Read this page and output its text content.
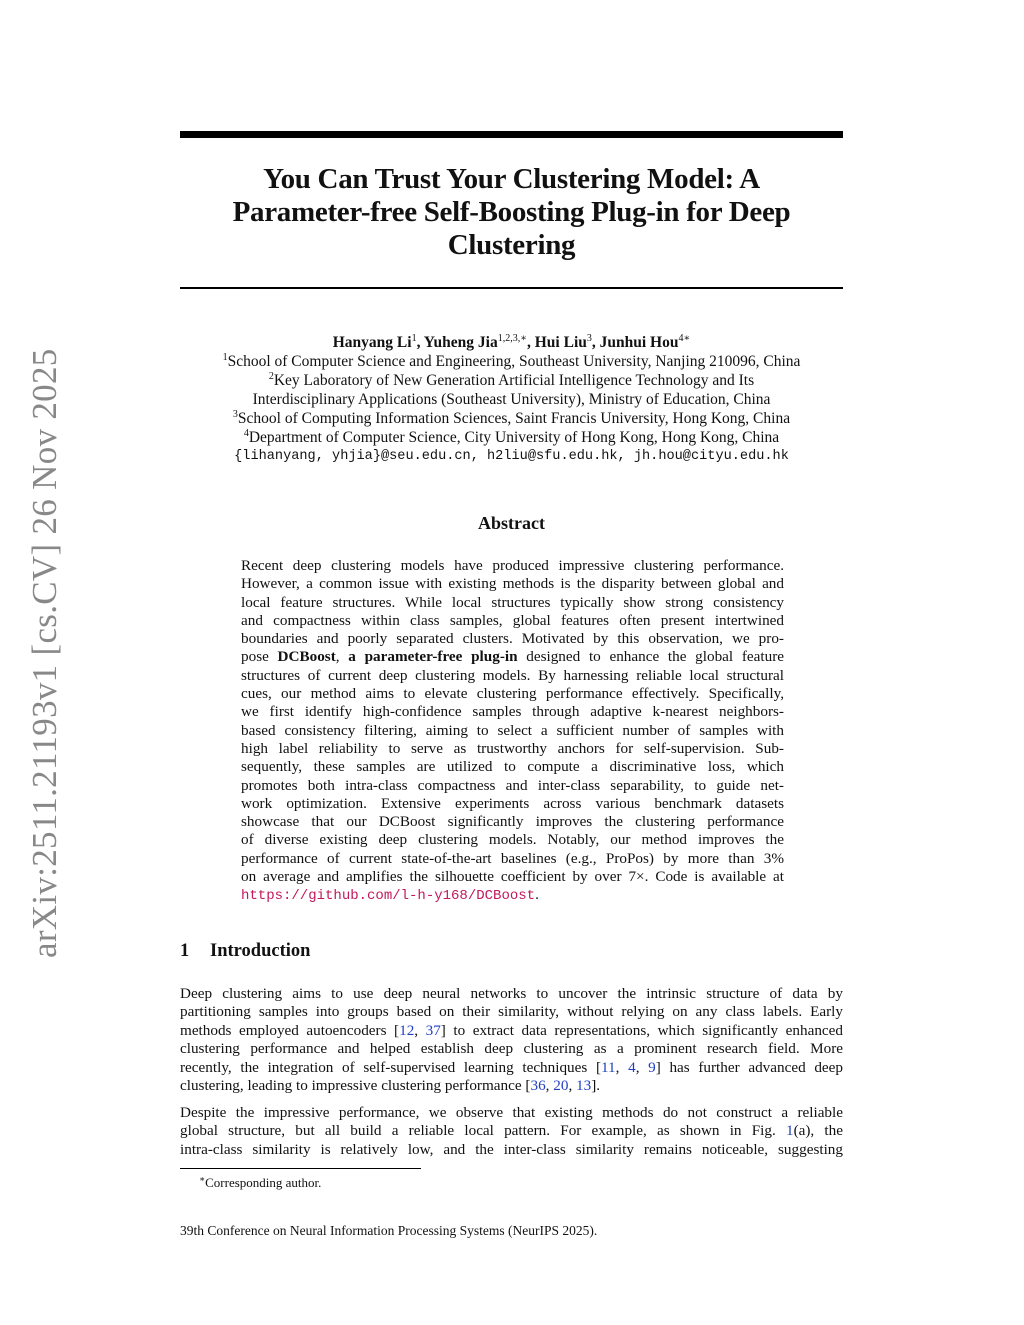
arXiv:2511.21193v1 [cs.CV] 26 Nov 2025
You Can Trust Your Clustering Model: A
Parameter-free Self-Boosting Plug-in for Deep
Clustering
Hanyang Li$^1$, Yuheng Jia$^{1,2,3,∗}$, Hui Liu$^3$, Junhui Hou$^{4∗}$
$^1$School of Computer Science and Engineering, Southeast University, Nanjing 210096, China
$^2$Key Laboratory of New Generation Artificial Intelligence Technology and Its
Interdisciplinary Applications (Southeast University), Ministry of Education, China
$^3$School of Computing Information Sciences, Saint Francis University, Hong Kong, China
$^4$Department of Computer Science, City University of Hong Kong, Hong Kong, China
{lihanyang, yhjia}@seu.edu.cn, h2liu@sfu.edu.hk, jh.hou@cityu.edu.hk
Abstract
Recent deep clustering models have produced impressive clustering performance.
However, a common issue with existing methods is the disparity between global and
local feature structures. While local structures typically show strong consistency
and compactness within class samples, global features often present intertwined
boundaries and poorly separated clusters. Motivated by this observation, we pro-
pose DCBoost, a parameter-free plug-in designed to enhance the global feature
structures of current deep clustering models. By harnessing reliable local structural
cues, our method aims to elevate clustering performance effectively. Specifically,
we first identify high-confidence samples through adaptive k-nearest neighbors-
based consistency filtering, aiming to select a sufficient number of samples with
high label reliability to serve as trustworthy anchors for self-supervision. Sub-
sequently, these samples are utilized to compute a discriminative loss, which
promotes both intra-class compactness and inter-class separability, to guide net-
work optimization. Extensive experiments across various benchmark datasets
showcase that our DCBoost significantly improves the clustering performance
of diverse existing deep clustering models. Notably, our method improves the
performance of current state-of-the-art baselines (e.g., ProPos) by more than 3%
on average and amplifies the silhouette coefficient by over 7×. Code is available at
https://github.com/l-h-y168/DCBoost.
1 Introduction
Deep clustering aims to use deep neural networks to uncover the intrinsic structure of data by
partitioning samples into groups based on their similarity, without relying on any class labels. Early
methods employed autoencoders [12, 37] to extract data representations, which significantly enhanced
clustering performance and helped establish deep clustering as a prominent research field. More
recently, the integration of self-supervised learning techniques [11, 4, 9] has further advanced deep
clustering, leading to impressive clustering performance [36, 20, 13].
Despite the impressive performance, we observe that existing methods do not construct a reliable
global structure, but all build a reliable local pattern. For example, as shown in Fig. 1(a), the
intra-class similarity is relatively low, and the inter-class similarity remains noticeable, suggesting
∗Corresponding author.
39th Conference on Neural Information Processing Systems (NeurIPS 2025).
